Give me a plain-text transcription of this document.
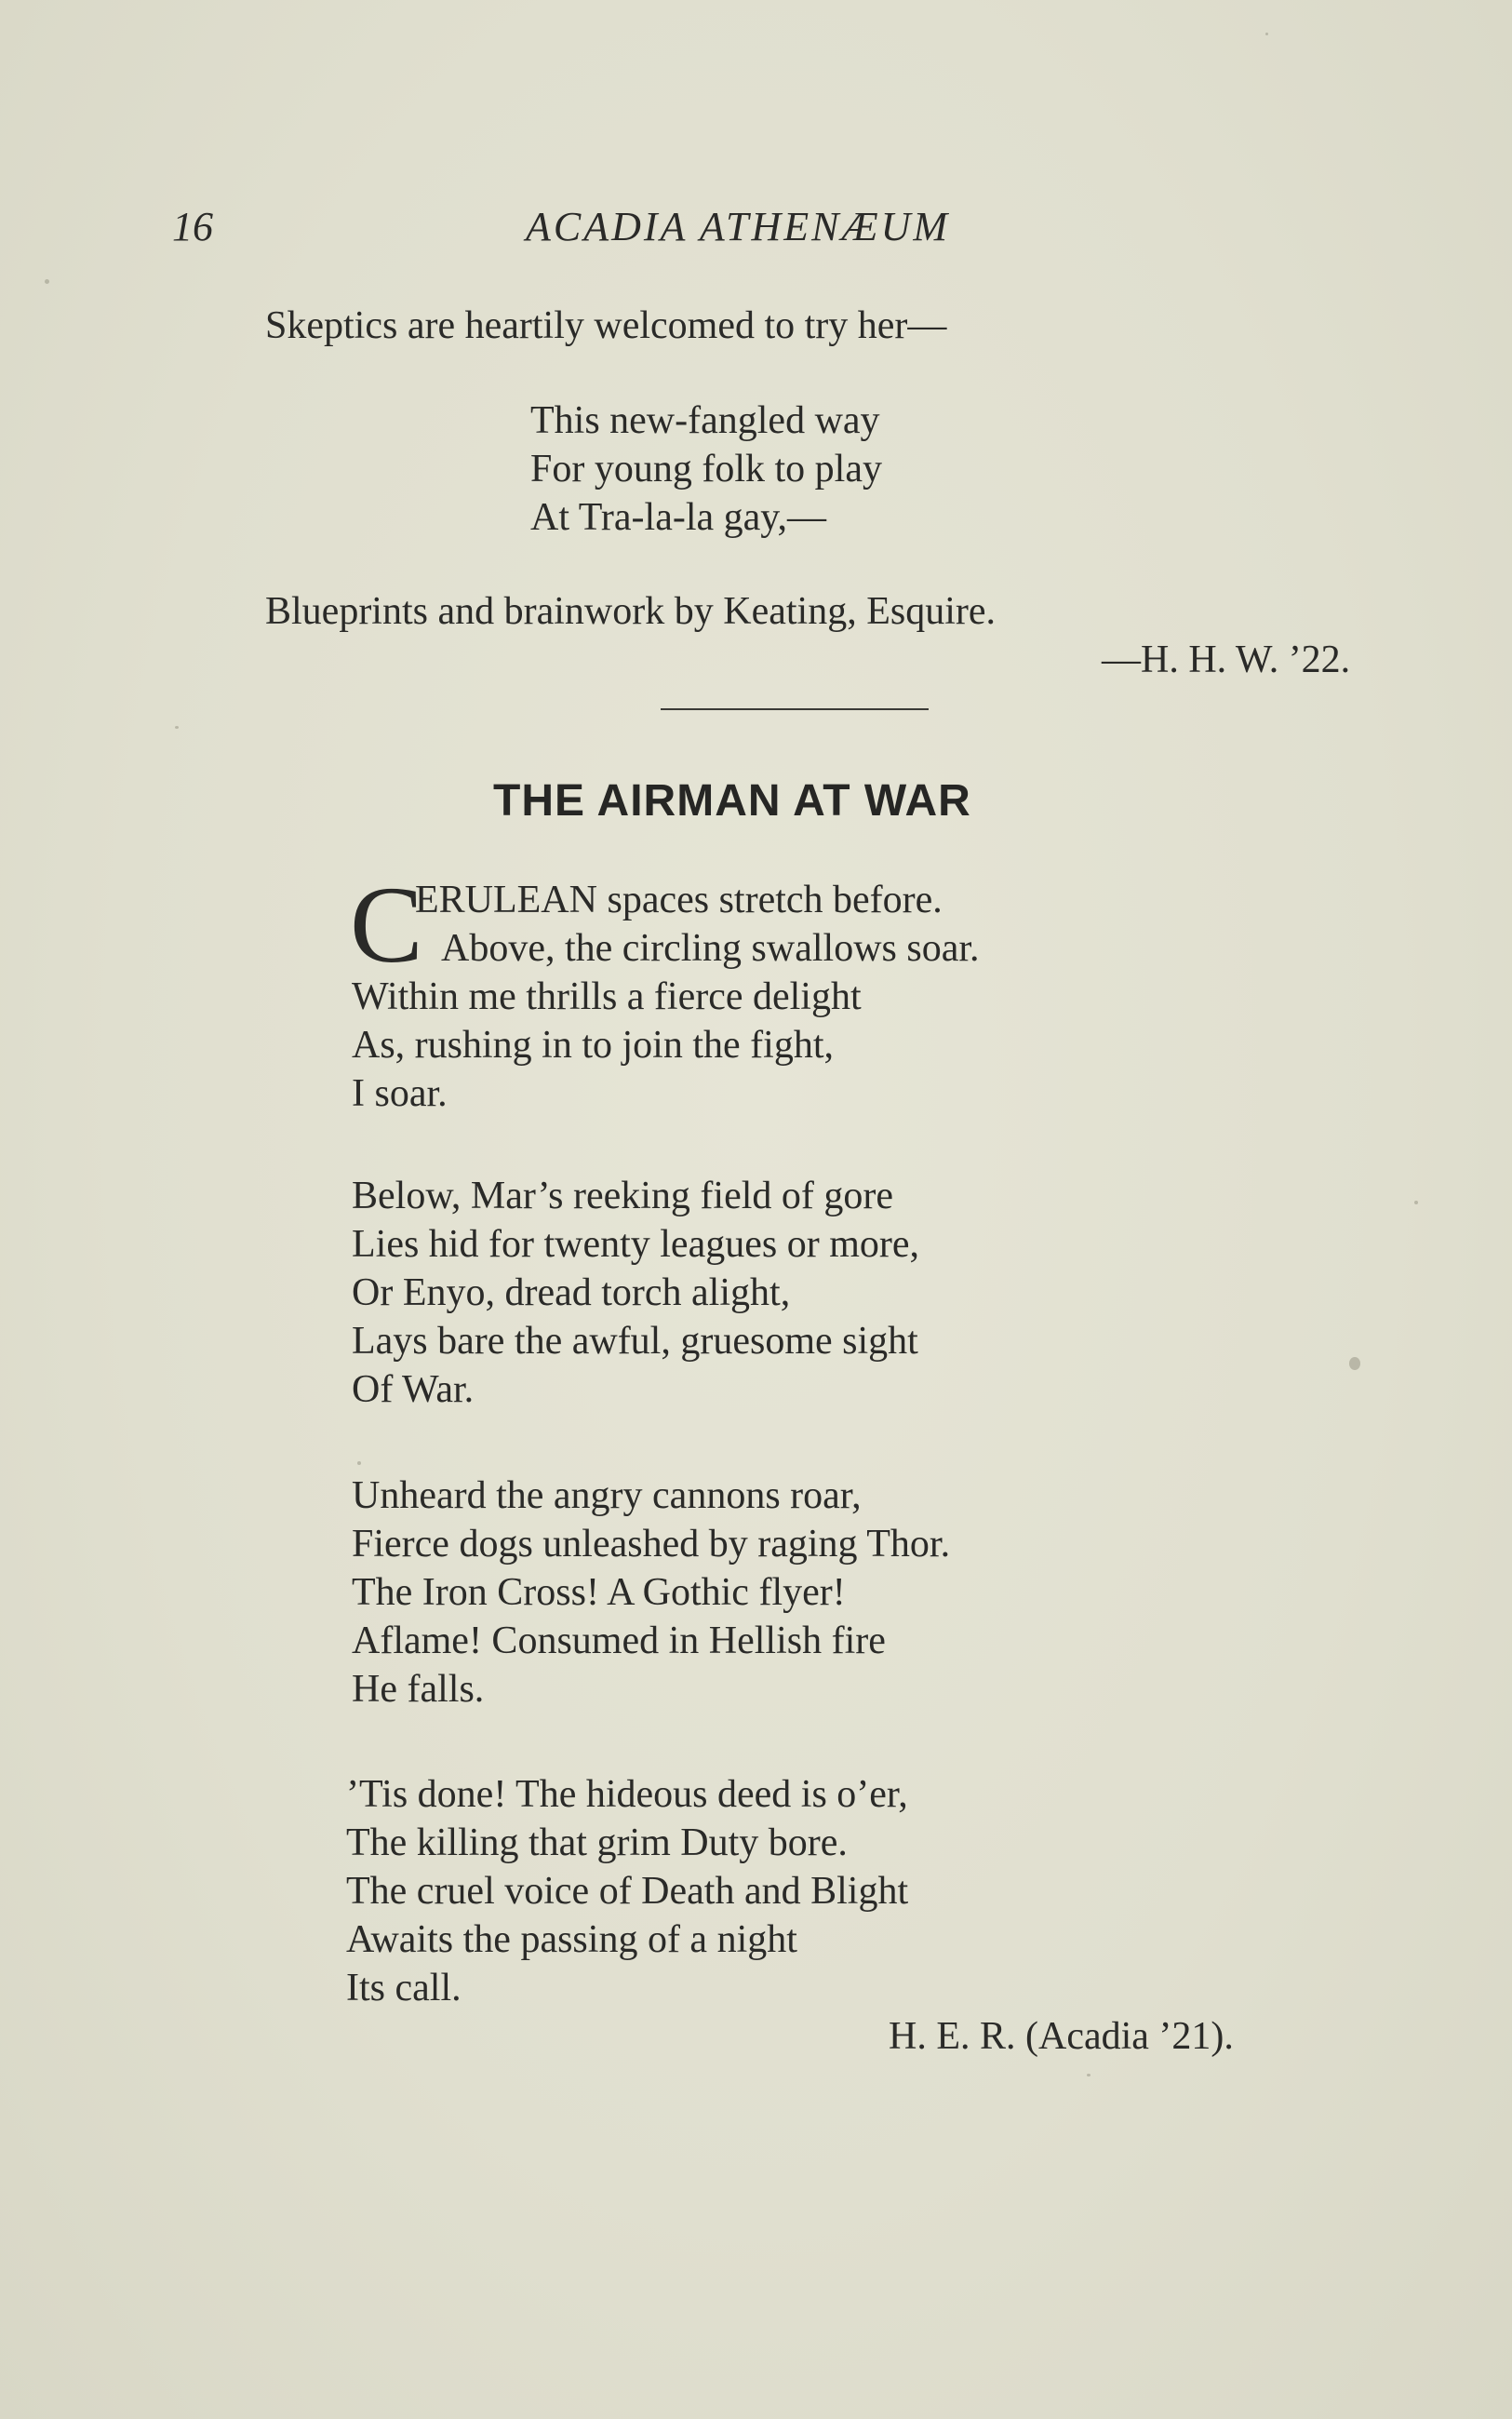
16	ACADIA ATHENÆUM
Skeptics are heartily welcomed to try her—
This new-fangled way
For young folk to play
At Tra-la-la gay,—
Blueprints and brainwork by Keating, Esquire.
—H. H. W. ’22.
THE AIRMAN AT WAR
C
ERULEAN spaces stretch before.
Above, the circling swallows soar.
Within me thrills a fierce delight
As, rushing in to join the fight,
I soar.
Below, Mar’s reeking field of gore
Lies hid for twenty leagues or more,
Or Enyo, dread torch alight,
Lays bare the awful, gruesome sight
Of War.
Unheard the angry cannons roar,
Fierce dogs unleashed by raging Thor.
The Iron Cross! A Gothic flyer!
Aflame! Consumed in Hellish fire
He falls.
’Tis done! The hideous deed is o’er,
The killing that grim Duty bore.
The cruel voice of Death and Blight
Awaits the passing of a night
Its call.
H. E. R. (Acadia ’21).
